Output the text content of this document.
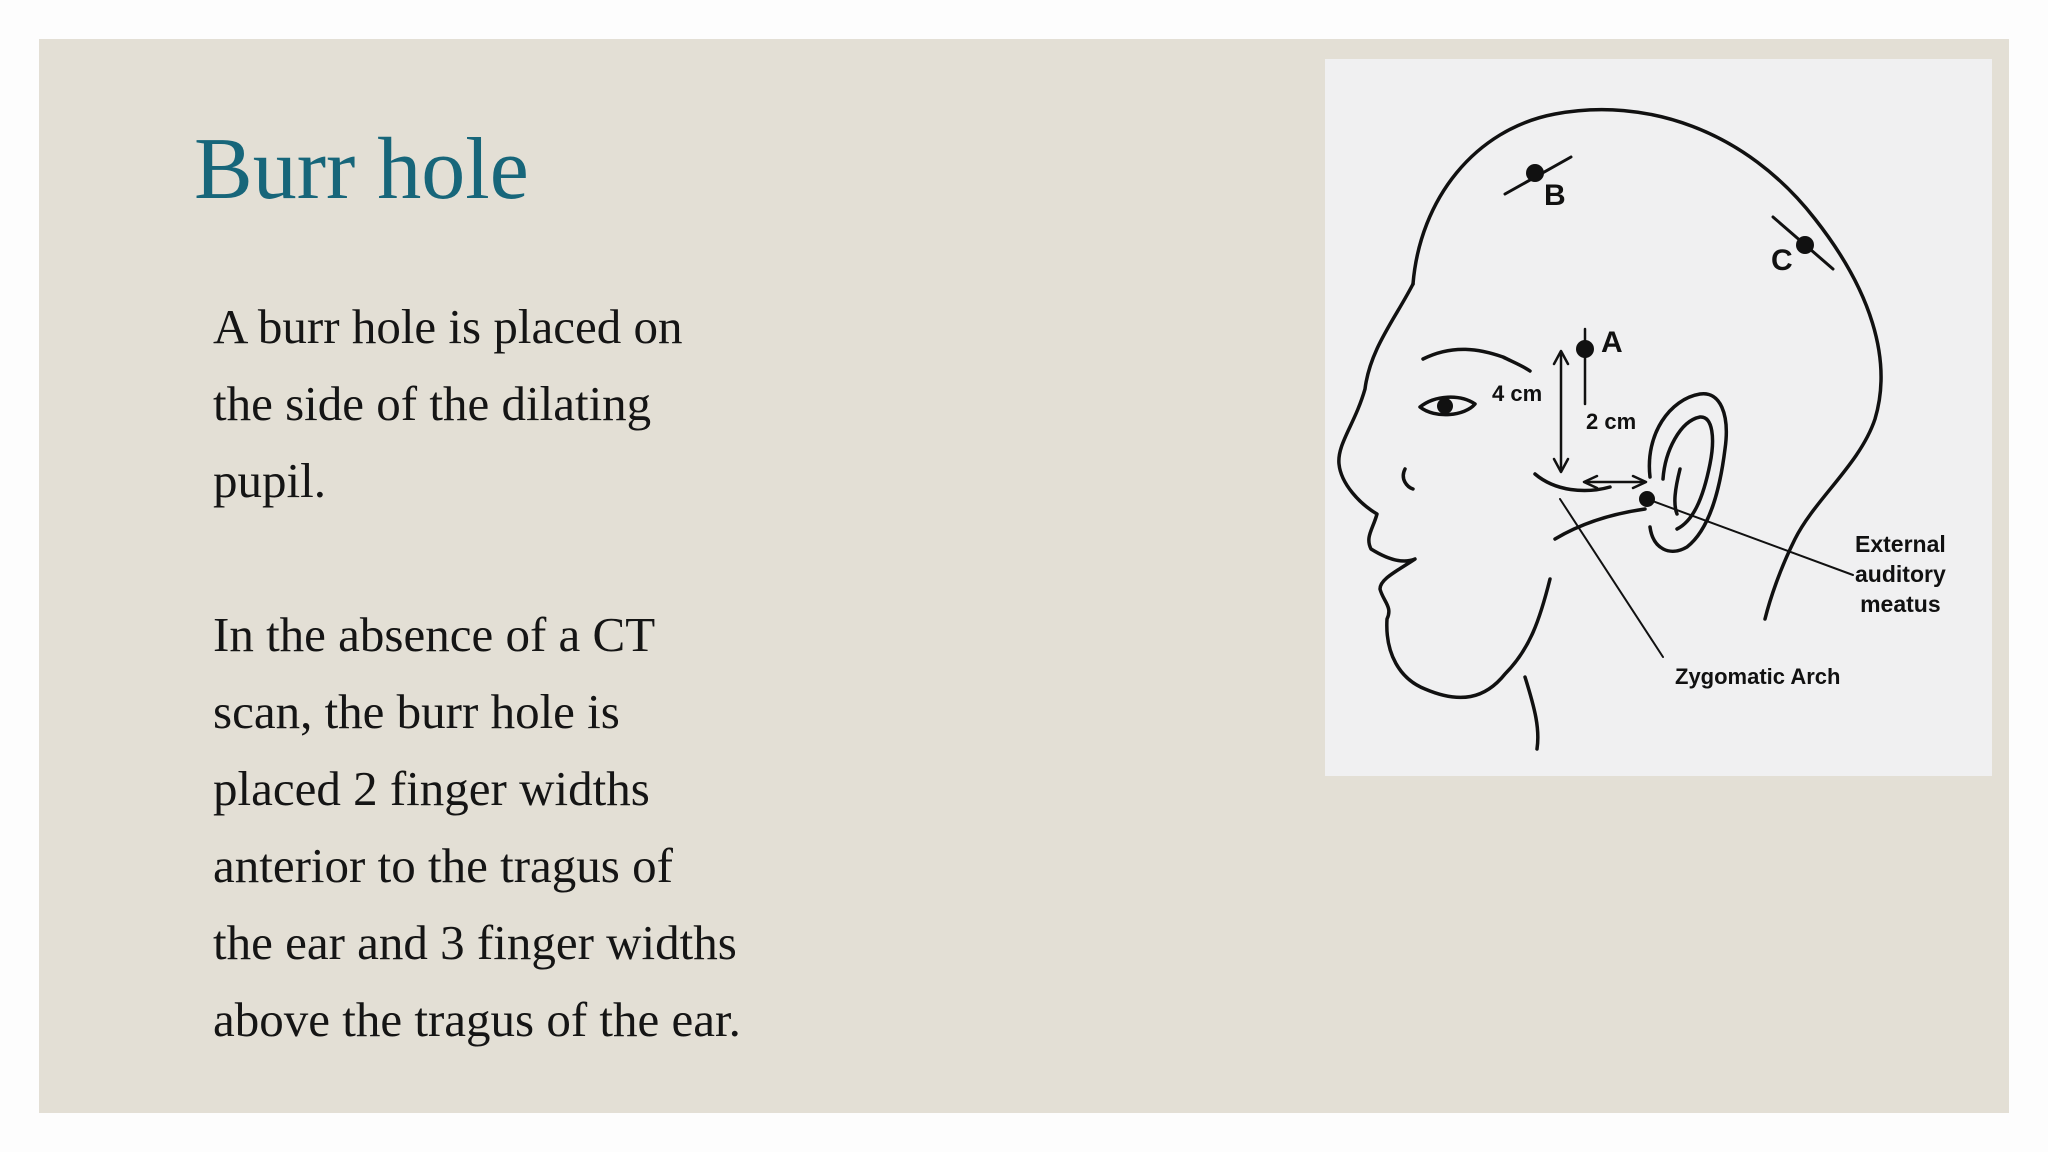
Burr hole

A burr hole is placed on
the side of the dilating
pupil.

In the absence of a CT
scan, the burr hole is
placed 2 finger widths
anterior to the tragus of
the ear and 3 finger widths
above the tragus of the ear.

B
C
A
4 cm
2 cm
External
auditory
meatus
Zygomatic Arch
